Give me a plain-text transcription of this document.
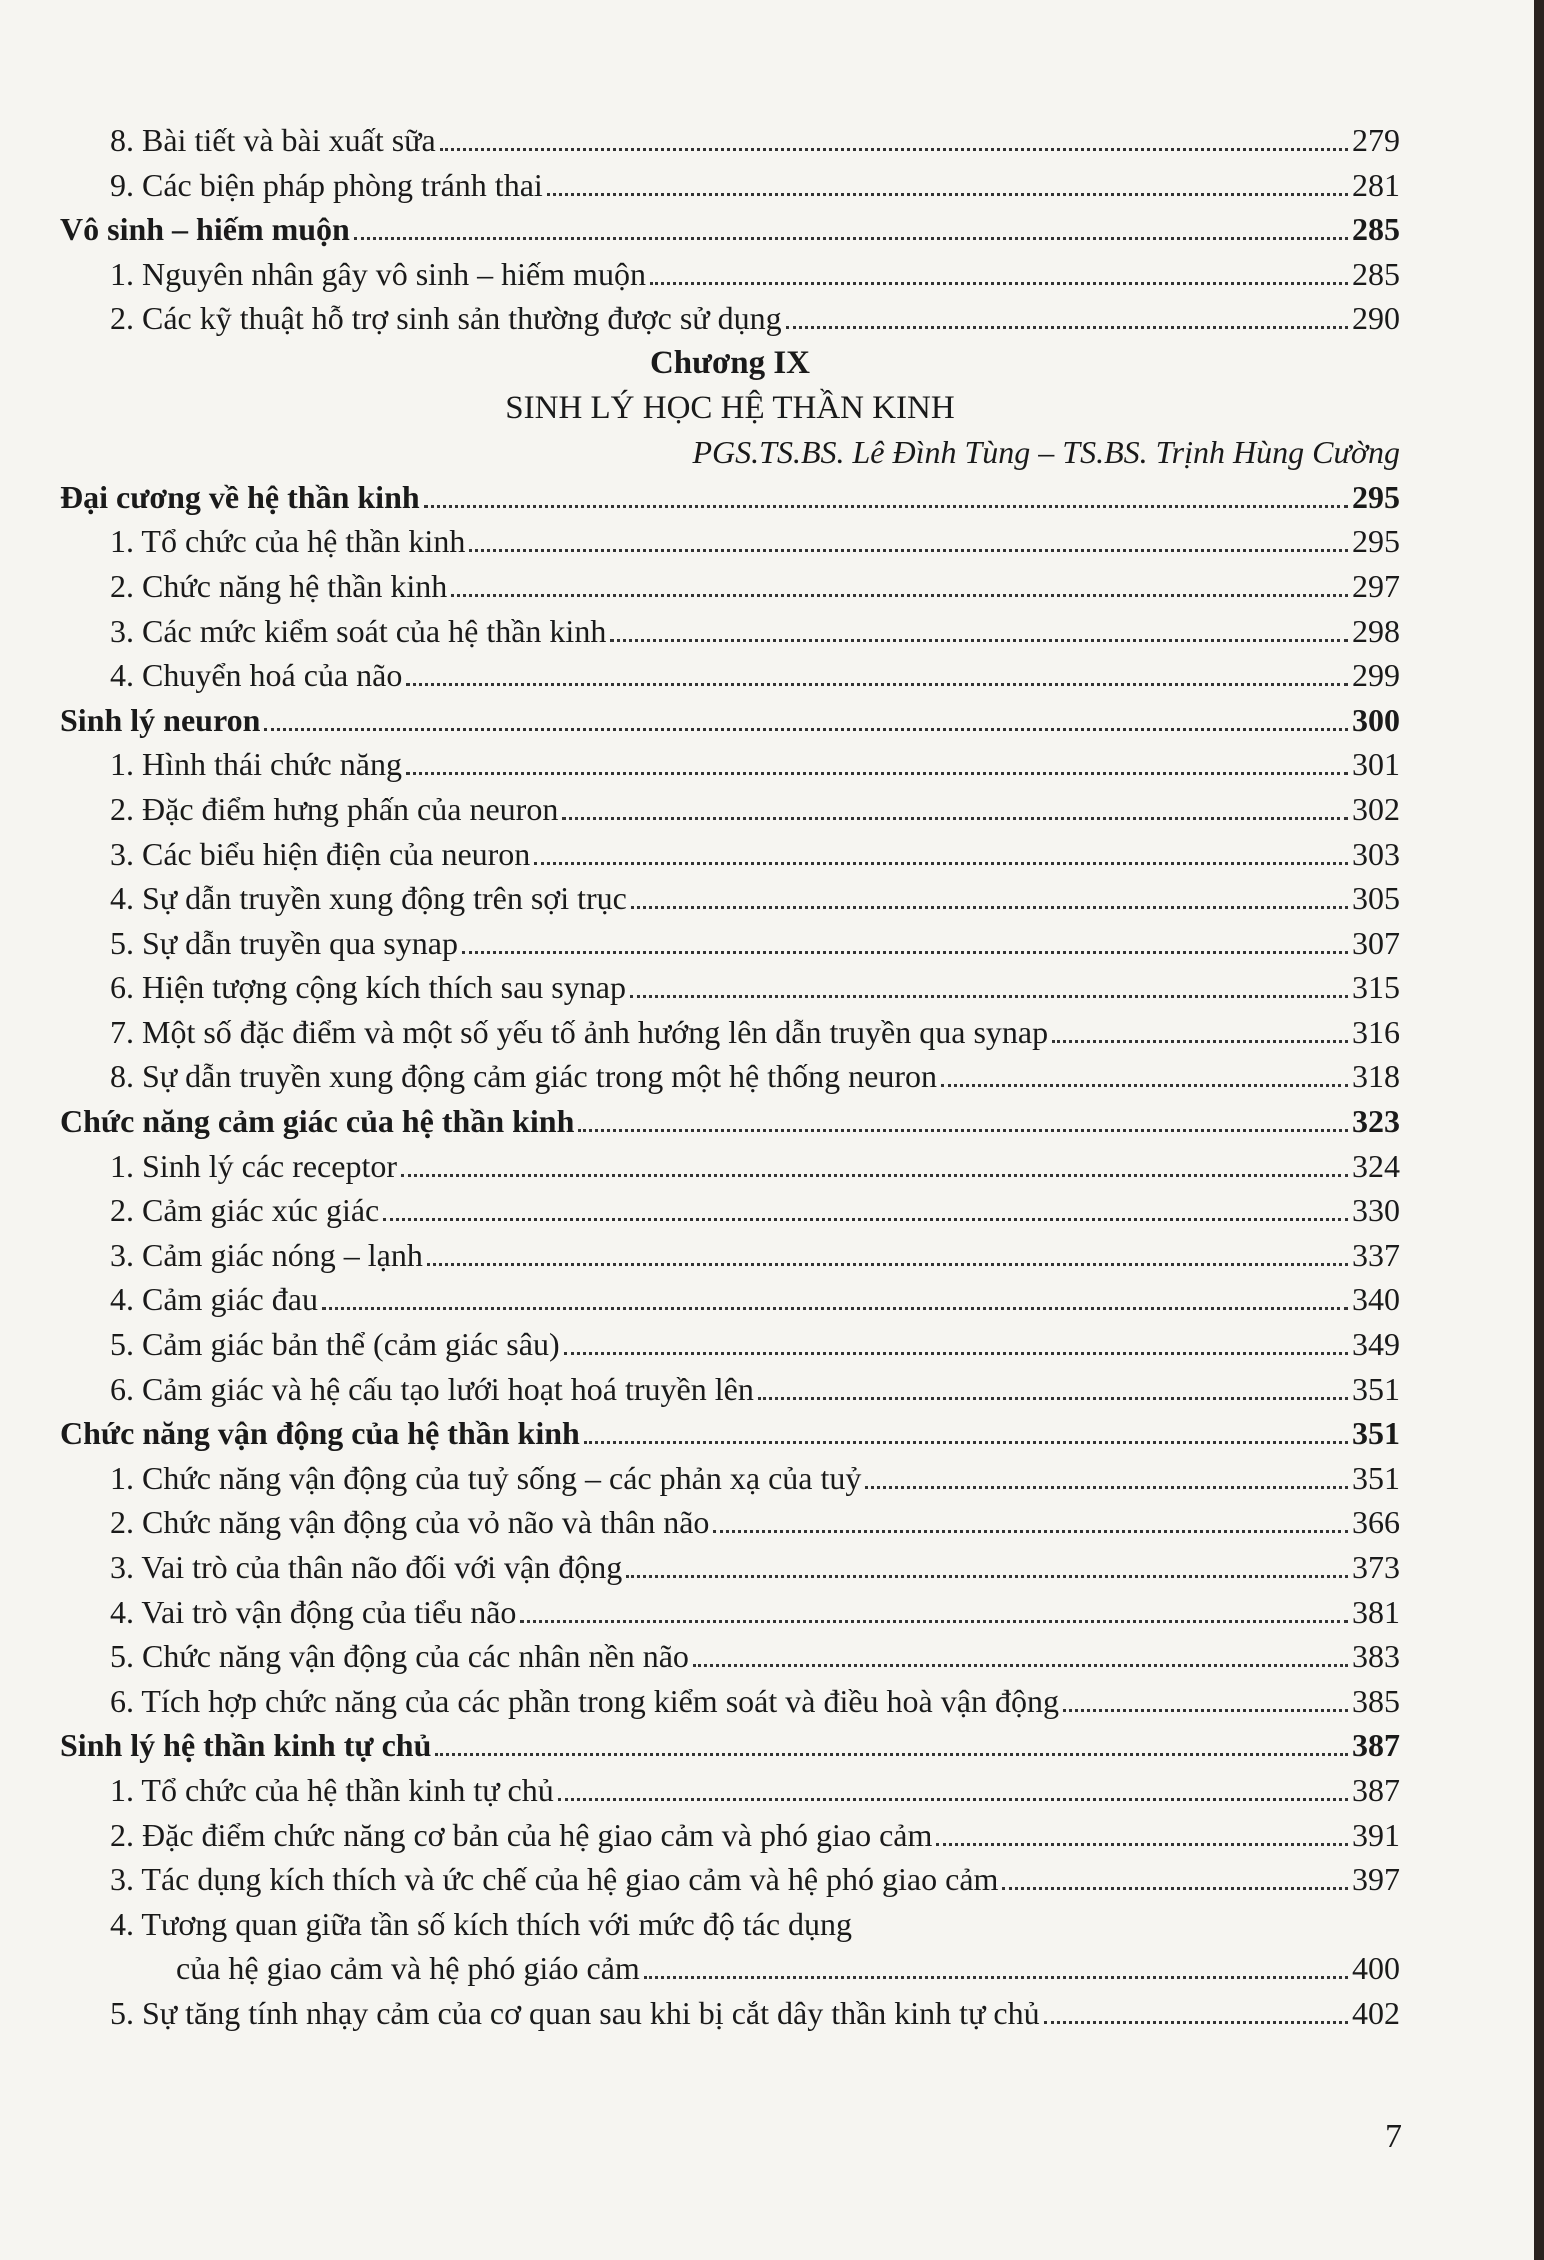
8. Bài tiết và bài xuất sữa	279
9. Các biện pháp phòng tránh thai	281
Vô sinh – hiếm muộn	285
1. Nguyên nhân gây vô sinh – hiếm muộn	285
2. Các kỹ thuật hỗ trợ sinh sản thường được sử dụng	290
Chương IX
SINH LÝ HỌC HỆ THẦN KINH
PGS.TS.BS. Lê Đình Tùng – TS.BS. Trịnh Hùng Cường
Đại cương về hệ thần kinh	295
1. Tổ chức của hệ thần kinh	295
2. Chức năng hệ thần kinh	297
3. Các mức kiểm soát của hệ thần kinh	298
4. Chuyển hoá của não	299
Sinh lý neuron	300
1. Hình thái chức năng	301
2. Đặc điểm hưng phấn của neuron	302
3. Các biểu hiện điện của neuron	303
4. Sự dẫn truyền xung động trên sợi trục	305
5. Sự dẫn truyền qua synap	307
6. Hiện tượng cộng kích thích sau synap	315
7. Một số đặc điểm và một số yếu tố ảnh hướng lên dẫn truyền qua synap	316
8. Sự dẫn truyền xung động cảm giác trong một hệ thống neuron	318
Chức năng cảm giác của hệ thần kinh	323
1. Sinh lý các receptor	324
2. Cảm giác xúc giác	330
3. Cảm giác nóng – lạnh	337
4. Cảm giác đau	340
5. Cảm giác bản thể (cảm giác sâu)	349
6. Cảm giác và hệ cấu tạo lưới hoạt hoá truyền lên	351
Chức năng vận động của hệ thần kinh	351
1. Chức năng vận động của tuỷ sống – các phản xạ của tuỷ	351
2. Chức năng vận động của vỏ não và thân não	366
3. Vai trò của thân não đối với vận động	373
4. Vai trò vận động của tiểu não	381
5. Chức năng vận động của các nhân nền não	383
6. Tích hợp chức năng của các phần trong kiểm soát và điều hoà vận động	385
Sinh lý hệ thần kinh tự chủ	387
1. Tổ chức của hệ thần kinh tự chủ	387
2. Đặc điểm chức năng cơ bản của hệ giao cảm và phó giao cảm	391
3. Tác dụng kích thích và ức chế của hệ giao cảm và hệ phó giao cảm	397
4. Tương quan giữa tần số kích thích với mức độ tác dụng
của hệ giao cảm và hệ phó giáo cảm	400
5. Sự tăng tính nhạy cảm của cơ quan sau khi bị cắt dây thần kinh tự chủ	402
7
